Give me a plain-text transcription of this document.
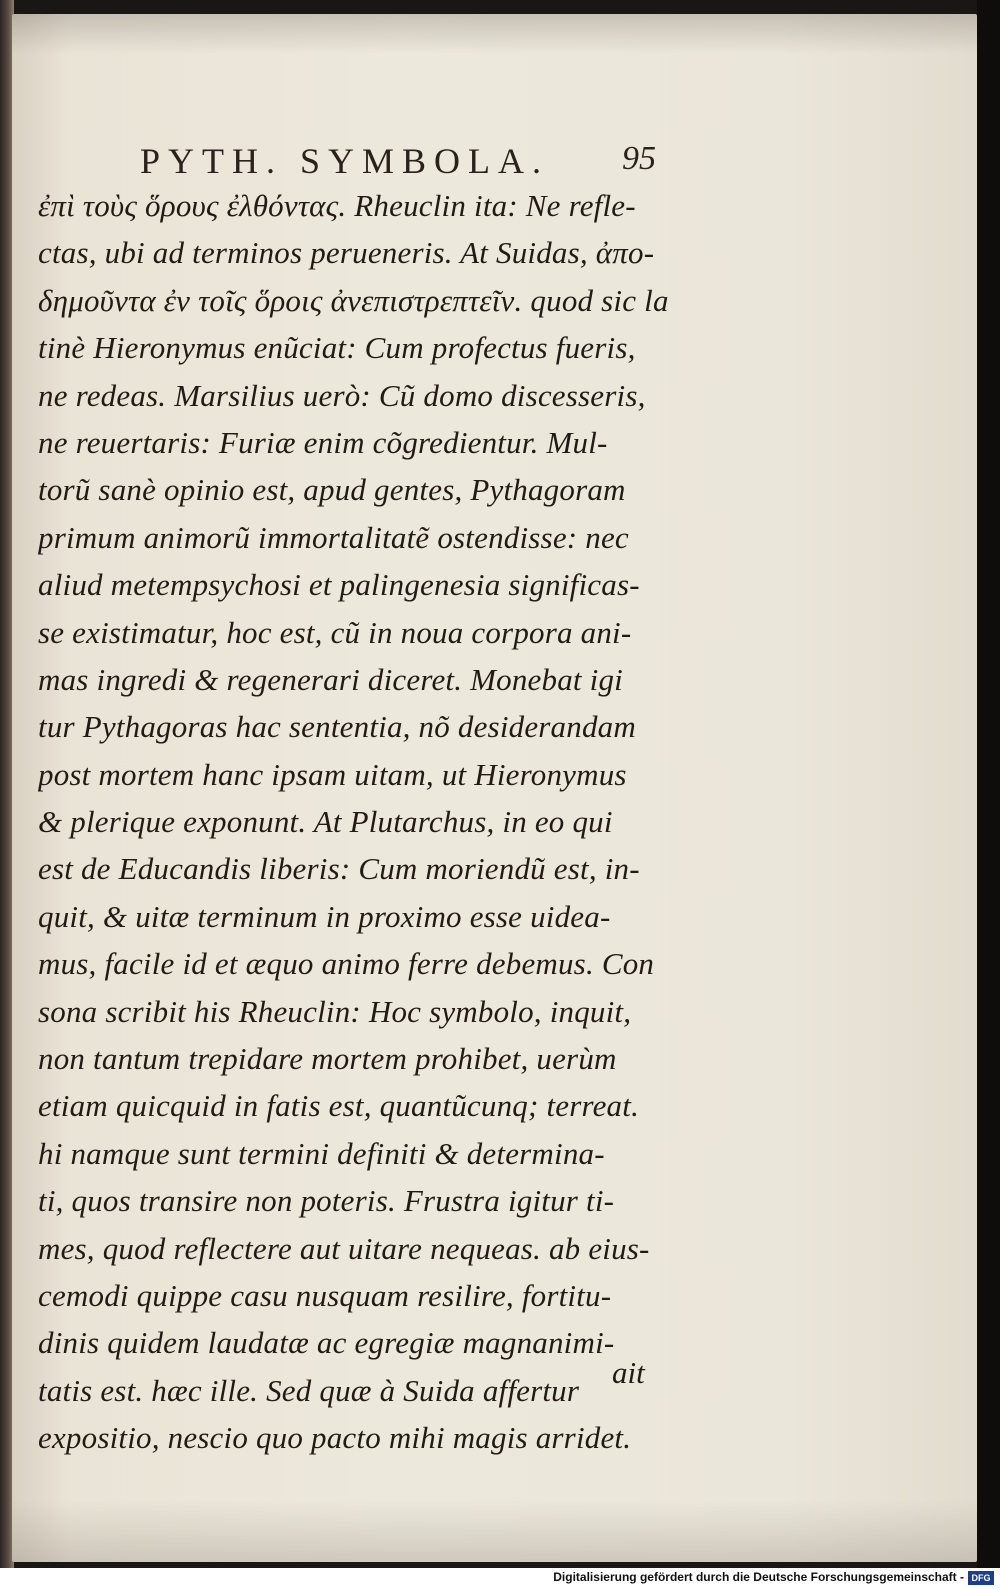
PYTH. SYMBOLA.	95
ἐπὶ τοὺς ὅρους ἐλθόντας. Rheuclin ita: Ne refle-
ctas, ubi ad terminos perueneris. At Suidas, ἀπο-
δημοῦντα ἐν τοῖς ὅροις ἀνεπιστρεπτεῖν. quod sic la
tinè Hieronymus enũciat: Cum profectus fueris,
ne redeas. Marsilius uerò: Cũ domo discesseris,
ne reuertaris: Furiæ enim cõgredientur. Mul-
torũ sanè opinio est, apud gentes, Pythagoram
primum animorũ immortalitatẽ ostendisse: nec
aliud metempsychosi et palingenesia significas-
se existimatur, hoc est, cũ in noua corpora ani-
mas ingredi & regenerari diceret. Monebat igi
tur Pythagoras hac sententia, nõ desiderandam
post mortem hanc ipsam uitam, ut Hieronymus
& plerique exponunt. At Plutarchus, in eo qui
est de Educandis liberis: Cum moriendũ est, in-
quit, & uitæ terminum in proximo esse uidea-
mus, facile id et æquo animo ferre debemus. Con
sona scribit his Rheuclin: Hoc symbolo, inquit,
non tantum trepidare mortem prohibet, uerùm
etiam quicquid in fatis est, quantũcunq; terreat.
hi namque sunt termini definiti & determina-
ti, quos transire non poteris. Frustra igitur ti-
mes, quod reflectere aut uitare nequeas. ab eius-
cemodi quippe casu nusquam resilire, fortitu-
dinis quidem laudatæ ac egregiæ magnanimi-
tatis est. hæc ille. Sed quæ à Suida affertur
expositio, nescio quo pacto mihi magis arridet.
ait
Digitalisierung gefördert durch die Deutsche Forschungsgemeinschaft - DFG
